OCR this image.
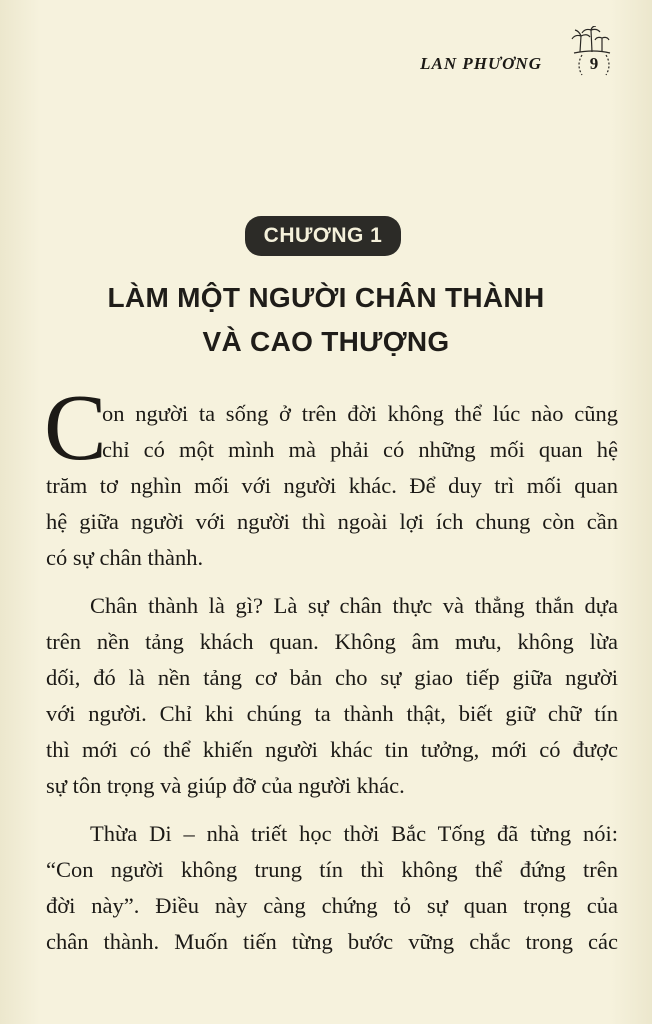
LAN PHƯƠNG	9
CHƯƠNG 1
LÀM MỘT NGƯỜI CHÂN THÀNH
VÀ CAO THƯỢNG
C
on người ta sống ở trên đời không thể lúc nào cũng
chỉ có một mình mà phải có những mối quan hệ
trăm tơ nghìn mối với người khác. Để duy trì mối quan
hệ giữa người với người thì ngoài lợi ích chung còn cần
có sự chân thành.
Chân thành là gì? Là sự chân thực và thẳng thắn dựa
trên nền tảng khách quan. Không âm mưu, không lừa
dối, đó là nền tảng cơ bản cho sự giao tiếp giữa người
với người. Chỉ khi chúng ta thành thật, biết giữ chữ tín
thì mới có thể khiến người khác tin tưởng, mới có được
sự tôn trọng và giúp đỡ của người khác.
Thừa Di – nhà triết học thời Bắc Tống đã từng nói:
“Con người không trung tín thì không thể đứng trên
đời này”. Điều này càng chứng tỏ sự quan trọng của
chân thành. Muốn tiến từng bước vững chắc trong các
